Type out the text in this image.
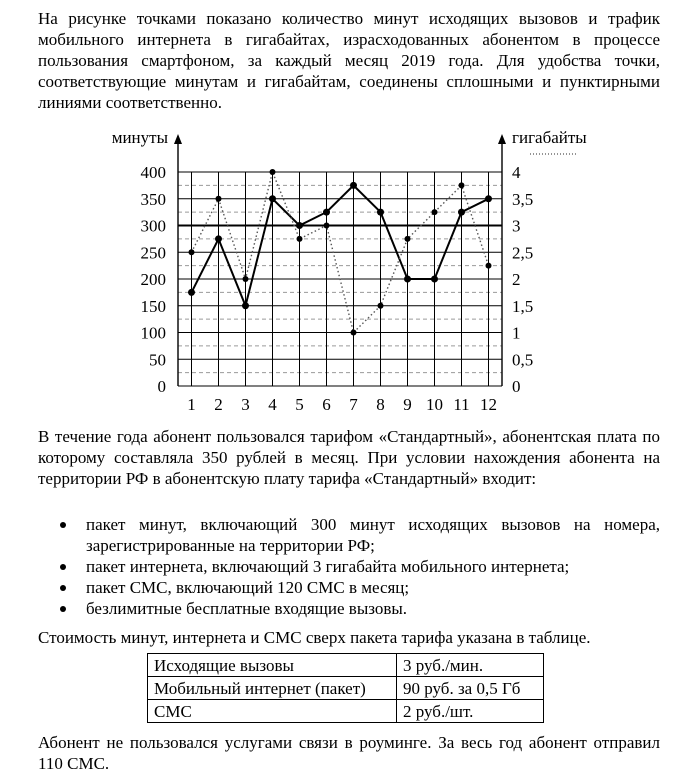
На рисунке точками показано количество минут исходящих вызовов и трафик мобильного интернета в гигабайтах, израсходованных абонентом в процессе пользования смартфоном, за каждый месяц 2019 года. Для удобства точки, соответствующие минутам и гигабайтам, соединены сплошными и пунктирными линиями соответственно.

минуты	гигабайты
0
50
100
150
200
250
300
350
400
0
0,5
1
1,5
2
2,5
3
3,5
4
1 2 3 4 5 6 7 8 9 10 11 12

В течение года абонент пользовался тарифом «Стандартный», абонентская плата по которому составляла 350 рублей в месяц. При условии нахождения абонента на территории РФ в абонентскую плату тарифа «Стандартный» входит:

пакет минут, включающий 300 минут исходящих вызовов на номера, зарегистрированные на территории РФ;
пакет интернета, включающий 3 гигабайта мобильного интернета;
пакет СМС, включающий 120 СМС в месяц;
безлимитные бесплатные входящие вызовы.

Стоимость минут, интернета и СМС сверх пакета тарифа указана в таблице.

Исходящие вызовы	3 руб./мин.
Мобильный интернет (пакет)	90 руб. за 0,5 Гб
СМС	2 руб./шт.

Абонент не пользовался услугами связи в роуминге. За весь год абонент отправил 110 СМС.
